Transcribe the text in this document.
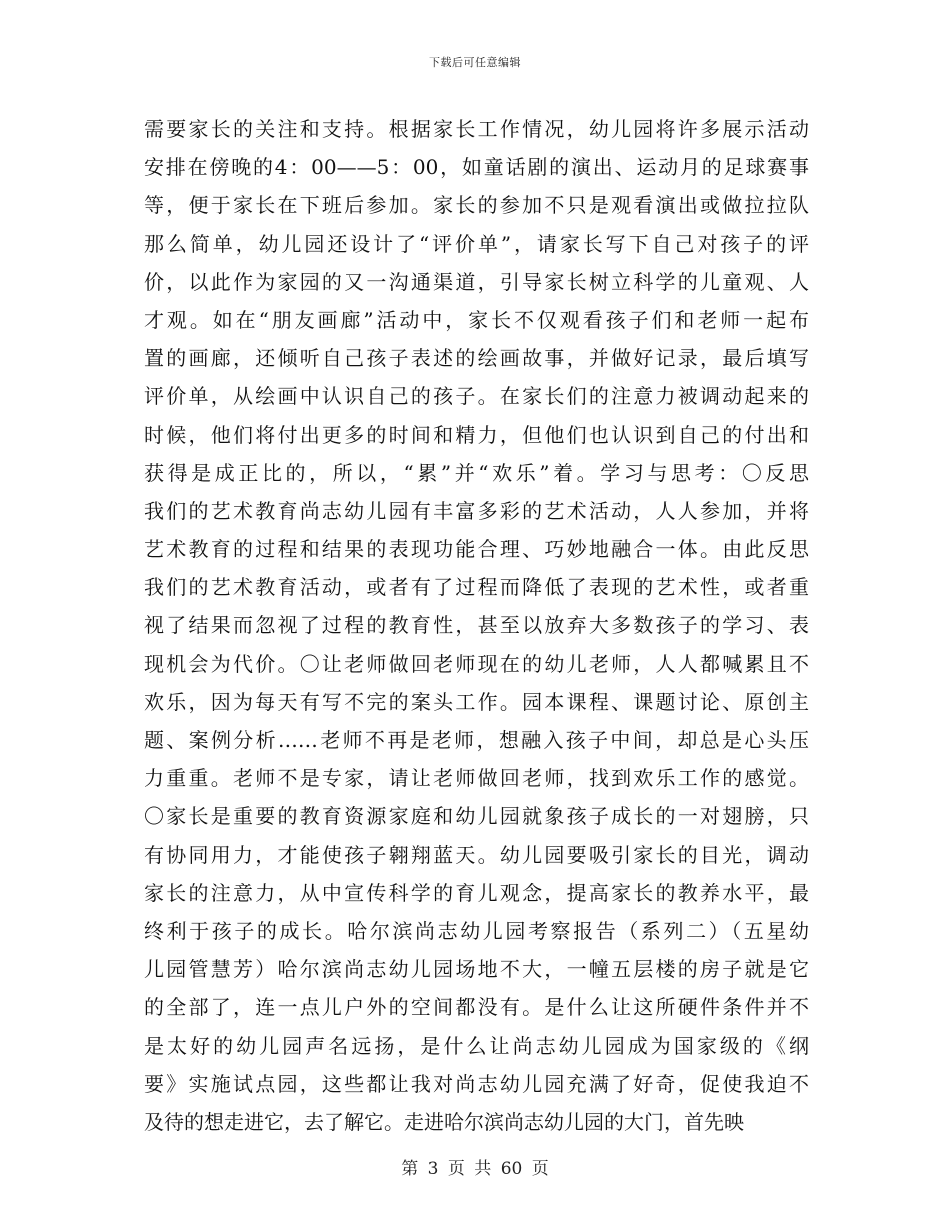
下载后可任意编辑
需要家长的关注和支持。根据家长工作情况，幼儿园将许多展示活动
安排在傍晚的4：00——5：00，如童话剧的演出、运动月的足球赛事
等，便于家长在下班后参加。家长的参加不只是观看演出或做拉拉队
那么简单，幼儿园还设计了“评价单”，请家长写下自己对孩子的评
价，以此作为家园的又一沟通渠道，引导家长树立科学的儿童观、人
才观。如在“朋友画廊”活动中，家长不仅观看孩子们和老师一起布
置的画廊，还倾听自己孩子表述的绘画故事，并做好记录，最后填写
评价单，从绘画中认识自己的孩子。在家长们的注意力被调动起来的
时候，他们将付出更多的时间和精力，但他们也认识到自己的付出和
获得是成正比的，所以，“累”并“欢乐”着。学习与思考：〇反思
我们的艺术教育尚志幼儿园有丰富多彩的艺术活动，人人参加，并将
艺术教育的过程和结果的表现功能合理、巧妙地融合一体。由此反思
我们的艺术教育活动，或者有了过程而降低了表现的艺术性，或者重
视了结果而忽视了过程的教育性，甚至以放弃大多数孩子的学习、表
现机会为代价。〇让老师做回老师现在的幼儿老师，人人都喊累且不
欢乐，因为每天有写不完的案头工作。园本课程、课题讨论、原创主
题、案例分析……老师不再是老师，想融入孩子中间，却总是心头压
力重重。老师不是专家，请让老师做回老师，找到欢乐工作的感觉。
〇家长是重要的教育资源家庭和幼儿园就象孩子成长的一对翅膀，只
有协同用力，才能使孩子翱翔蓝天。幼儿园要吸引家长的目光，调动
家长的注意力，从中宣传科学的育儿观念，提高家长的教养水平，最
终利于孩子的成长。哈尔滨尚志幼儿园考察报告（系列二）（五星幼
儿园管慧芳）哈尔滨尚志幼儿园场地不大，一幢五层楼的房子就是它
的全部了，连一点儿户外的空间都没有。是什么让这所硬件条件并不
是太好的幼儿园声名远扬，是什么让尚志幼儿园成为国家级的《纲
要》实施试点园，这些都让我对尚志幼儿园充满了好奇，促使我迫不
及待的想走进它，去了解它。走进哈尔滨尚志幼儿园的大门，首先映
第 3 页 共 60 页
